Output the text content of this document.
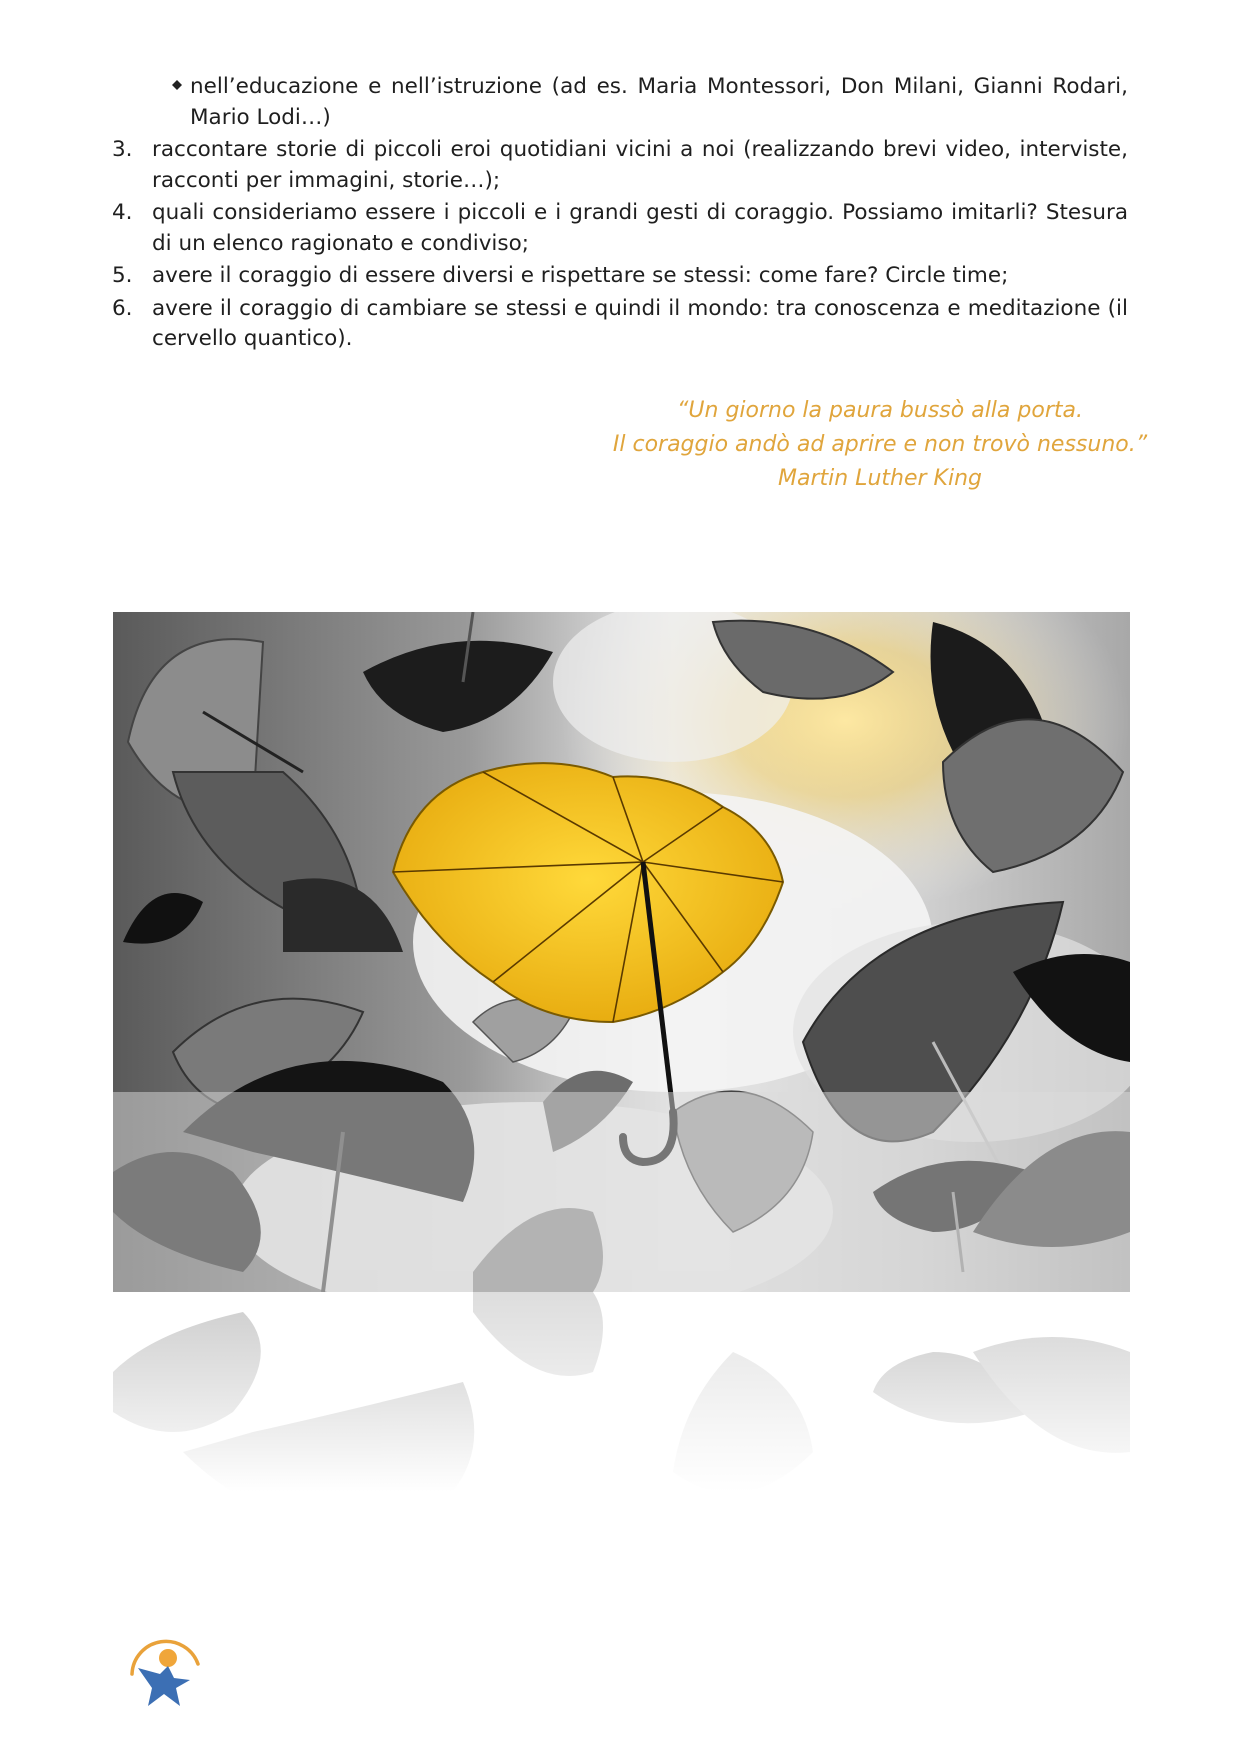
nell’educazione e nell’istruzione (ad es. Maria Montessori, Don Milani, Gianni Rodari, Mario Lodi…)
3. raccontare storie di piccoli eroi quotidiani vicini a noi (realizzando brevi video, interviste, racconti per immagini, storie…);
4. quali consideriamo essere i piccoli e i grandi gesti di coraggio. Possiamo imitarli? Stesura di un elenco ragionato e condiviso;
5. avere il coraggio di essere diversi e rispettare se stessi: come fare? Circle time;
6. avere il coraggio di cambiare se stessi e quindi il mondo: tra conoscenza e meditazione (il cervello quantico).
“Un giorno la paura bussò alla porta.
Il coraggio andò ad aprire e non trovò nessuno.”
Martin Luther King
